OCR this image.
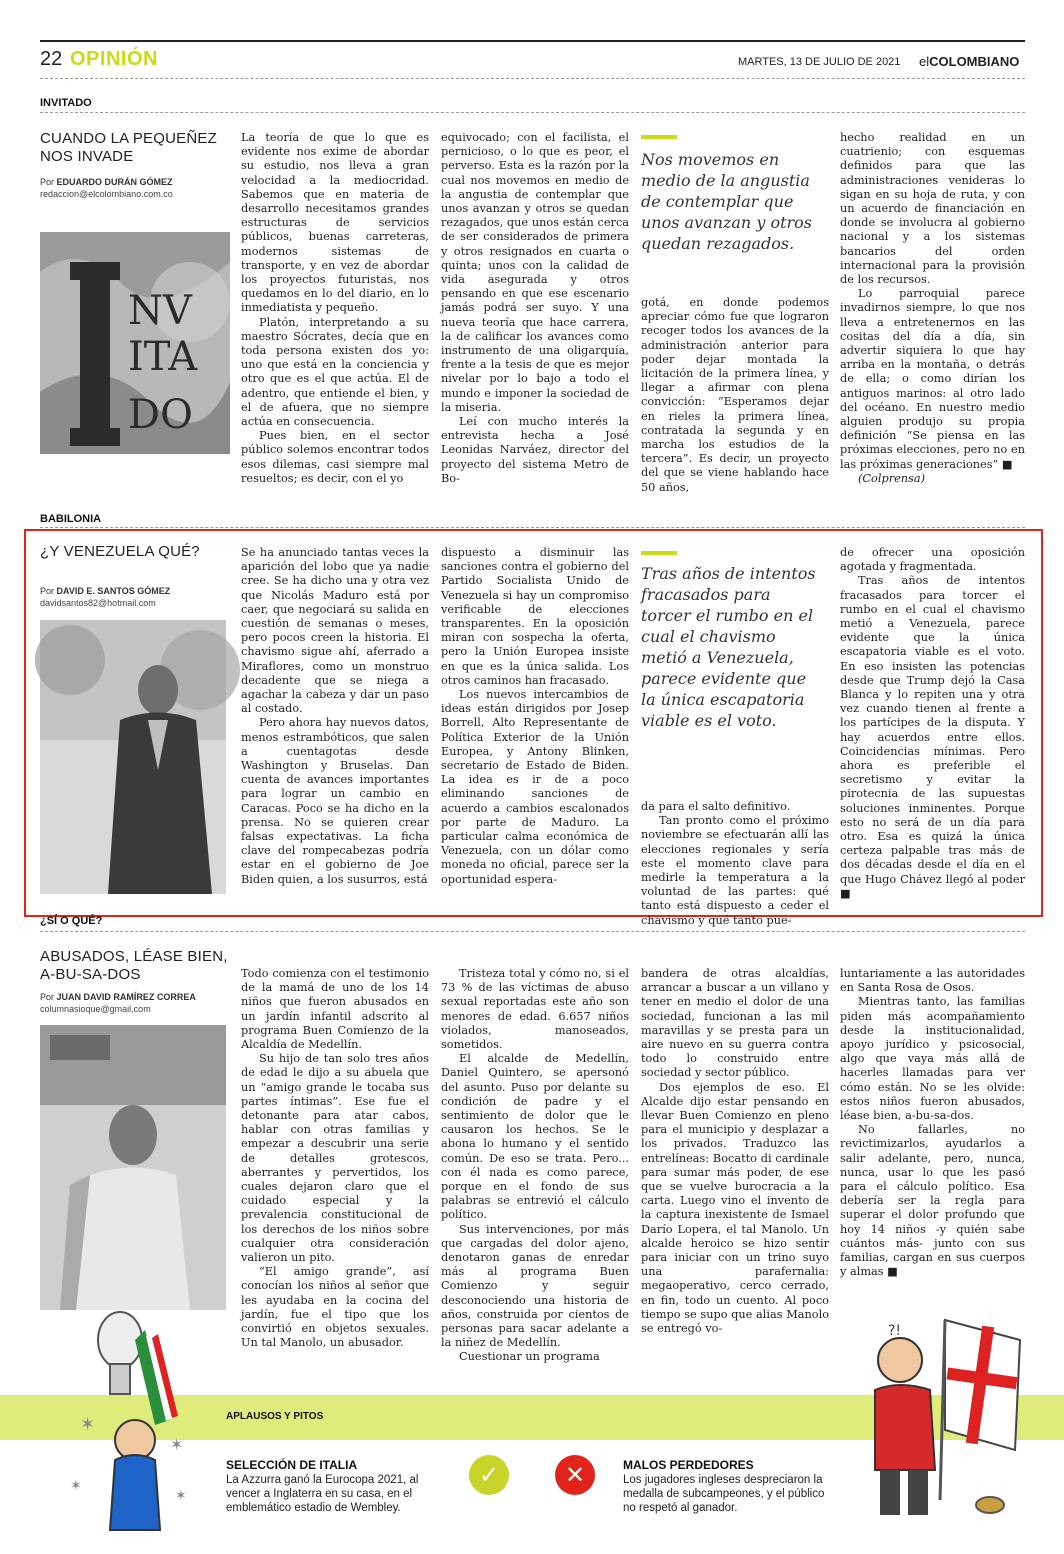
22 OPINIÓN	MARTES, 13 DE JULIO DE 2021 elCOLOMBIANO
INVITADO
CUANDO LA PEQUEÑEZ NOS INVADE
Por EDUARDO DURÁN GÓMEZ
redaccion@elcolombiano.com.co
NV
ITA
DO

La teoría de que lo que es evidente nos exime de abordar su estudio, nos lleva a gran velocidad a la mediocridad. Sabemos que en materia de desarrollo necesitamos grandes estructuras de servicios públicos, buenas carreteras, modernos sistemas de transporte, y en vez de abordar los proyectos futuristas, nos quedamos en lo del diario, en lo inmediatista y pequeño.

Platón, interpretando a su maestro Sócrates, decía que en toda persona existen dos yo: uno que está en la conciencia y otro que es el que actúa. El de adentro, que entiende el bien, y el de afuera, que no siempre actúa en consecuencia.

Pues bien, en el sector público solemos encontrar todos esos dilemas, casi siempre mal resueltos; es decir, con el yo

equivocado; con el facilista, el pernicioso, o lo que es peor, el perverso. Esta es la razón por la cual nos movemos en medio de la angustia de contemplar que unos avanzan y otros se quedan rezagados, que unos están cerca de ser considerados de primera y otros resignados en cuarta o quinta; unos con la calidad de vida asegurada y otros pensando en que ese escenario jamás podrá ser suyo. Y una nueva teoría que hace carrera, la de calificar los avances como instrumento de una oligarquía, frente a la tesis de que es mejor nivelar por lo bajo a todo el mundo e imponer la sociedad de la miseria.

Leí con mucho interés la entrevista hecha a José Leonidas Narváez, director del proyecto del sistema Metro de Bo-

Nos movemos en medio de la angustia de contemplar que unos avanzan y otros quedan rezagados.

gotá, en donde podemos apreciar cómo fue que lograron recoger todos los avances de la administración anterior para poder dejar montada la licitación de la primera línea, y llegar a afirmar con plena convicción: “Esperamos dejar en rieles la primera línea, contratada la segunda y en marcha los estudios de la tercera”. Es decir, un proyecto del que se viene hablando hace 50 años,

hecho realidad en un cuatrienio; con esquemas definidos para que las administraciones venideras lo sigan en su hoja de ruta, y con un acuerdo de financiación en donde se involucra al gobierno nacional y a los sistemas bancarios del orden internacional para la provisión de los recursos.

Lo parroquial parece invadirnos siempre, lo que nos lleva a entretenernos en las cositas del día a día, sin advertir siquiera lo que hay arriba en la montaña, o detrás de ella; o como dirían los antiguos marinos: al otro lado del océano. En nuestro medio alguien produjo su propia definición “Se piensa en las próximas elecciones, pero no en las próximas generaciones” ■

(Colprensa)

BABILONIA
¿Y VENEZUELA QUÉ?
Por DAVID E. SANTOS GÓMEZ
davidsantos82@hotmail.com

Se ha anunciado tantas veces la aparición del lobo que ya nadie cree. Se ha dicho una y otra vez que Nicolás Maduro está por caer, que negociará su salida en cuestión de semanas o meses, pero pocos creen la historia. El chavismo sigue ahí, aferrado a Miraflores, como un monstruo decadente que se niega a agachar la cabeza y dar un paso al costado.

Pero ahora hay nuevos datos, menos estrambóticos, que salen a cuentagotas desde Washington y Bruselas. Dan cuenta de avances importantes para lograr un cambio en Caracas. Poco se ha dicho en la prensa. No se quieren crear falsas expectativas. La ficha clave del rompecabezas podría estar en el gobierno de Joe Biden quien, a los susurros, está

dispuesto a disminuir las sanciones contra el gobierno del Partido Socialista Unido de Venezuela si hay un compromiso verificable de elecciones transparentes. En la oposición miran con sospecha la oferta, pero la Unión Europea insiste en que es la única salida. Los otros caminos han fracasado.

Los nuevos intercambios de ideas están dirigidos por Josep Borrell, Alto Representante de Política Exterior de la Unión Europea, y Antony Blinken, secretario de Estado de Biden. La idea es ir de a poco eliminando sanciones de acuerdo a cambios escalonados por parte de Maduro. La particular calma económica de Venezuela, con un dólar como moneda no oficial, parece ser la oportunidad espera-

Tras años de intentos fracasados para torcer el rumbo en el cual el chavismo metió a Venezuela, parece evidente que la única escapatoria viable es el voto.

da para el salto definitivo.

Tan pronto como el próximo noviembre se efectuarán allí las elecciones regionales y sería este el momento clave para medirle la temperatura a la voluntad de las partes: qué tanto está dispuesto a ceder el chavismo y qué tanto pue-

de ofrecer una oposición agotada y fragmentada.

Tras años de intentos fracasados para torcer el rumbo en el cual el chavismo metió a Venezuela, parece evidente que la única escapatoria viable es el voto. En eso insisten las potencias desde que Trump dejó la Casa Blanca y lo repiten una y otra vez cuando tienen al frente a los partícipes de la disputa. Y hay acuerdos entre ellos. Coincidencias mínimas. Pero ahora es preferible el secretismo y evitar la pirotecnia de las supuestas soluciones inminentes. Porque esto no será de un día para otro. Esa es quizá la única certeza palpable tras más de dos décadas desde el día en el que Hugo Chávez llegó al poder ■

¿SÍ O QUÉ?
ABUSADOS, LÉASE BIEN, A-BU-SA-DOS
Por JUAN DAVID RAMÍREZ CORREA
columnasioque@gmail.com

Todo comienza con el testimonio de la mamá de uno de los 14 niños que fueron abusados en un jardín infantil adscrito al programa Buen Comienzo de la Alcaldía de Medellín.

Su hijo de tan solo tres años de edad le dijo a su abuela que un “amigo grande le tocaba sus partes íntimas”. Ese fue el detonante para atar cabos, hablar con otras familias y empezar a descubrir una serie de detalles grotescos, aberrantes y pervertidos, los cuales dejaron claro que el cuidado especial y la prevalencia constitucional de los derechos de los niños sobre cualquier otra consideración valieron un pito.

“El amigo grande”, así conocían los niños al señor que les ayudaba en la cocina del jardín, fue el tipo que los convirtió en objetos sexuales. Un tal Manolo, un abusador.

Tristeza total y cómo no, si el 73 % de las víctimas de abuso sexual reportadas este año son menores de edad. 6.657 niños violados, manoseados, sometidos.

El alcalde de Medellín, Daniel Quintero, se apersonó del asunto. Puso por delante su condición de padre y el sentimiento de dolor que le causaron los hechos. Se le abona lo humano y el sentido común. De eso se trata. Pero... con él nada es como parece, porque en el fondo de sus palabras se entrevió el cálculo político.

Sus intervenciones, por más que cargadas del dolor ajeno, denotaron ganas de enredar más al programa Buen Comienzo y seguir desconociendo una historia de años, construida por cientos de personas para sacar adelante a la niñez de Medellín.

Cuestionar un programa

bandera de otras alcaldías, arrancar a buscar a un villano y tener en medio el dolor de una sociedad, funcionan a las mil maravillas y se presta para un aire nuevo en su guerra contra todo lo construido entre sociedad y sector público.

Dos ejemplos de eso. El Alcalde dijo estar pensando en llevar Buen Comienzo en pleno para el municipio y desplazar a los privados. Traduzco las entrelíneas: Bocatto di cardinale para sumar más poder, de ese que se vuelve burocracia a la carta. Luego vino el invento de la captura inexistente de Ismael Darío Lopera, el tal Manolo. Un alcalde heroico se hizo sentir para iniciar con un trino suyo una parafernalia: megaoperativo, cerco cerrado, en fin, todo un cuento. Al poco tiempo se supo que alias Manolo se entregó vo-

luntariamente a las autoridades en Santa Rosa de Osos.

Mientras tanto, las familias piden más acompañamiento desde la institucionalidad, apoyo jurídico y psicosocial, algo que vaya más allá de hacerles llamadas para ver cómo están. No se les olvide: estos niños fueron abusados, léase bien, a-bu-sa-dos.

No fallarles, no revictimizarlos, ayudarlos a salir adelante, pero, nunca, nunca, usar lo que les pasó para el cálculo político. Esa debería ser la regla para superar el dolor profundo que hoy 14 niños -y quién sabe cuántos más- junto con sus familias, cargan en sus cuerpos y almas ■

APLAUSOS Y PITOS
✶
✶
✶
✶
SELECCIÓN DE ITALIA
La Azzurra ganó la Eurocopa 2021, al vencer a Inglaterra en su casa, en el emblemático estadio de Wembley.
✓	✕	MALOS PERDEDORES
Los jugadores ingleses despreciaron la medalla de subcampeones, y el público no respetó al ganador.
?!
